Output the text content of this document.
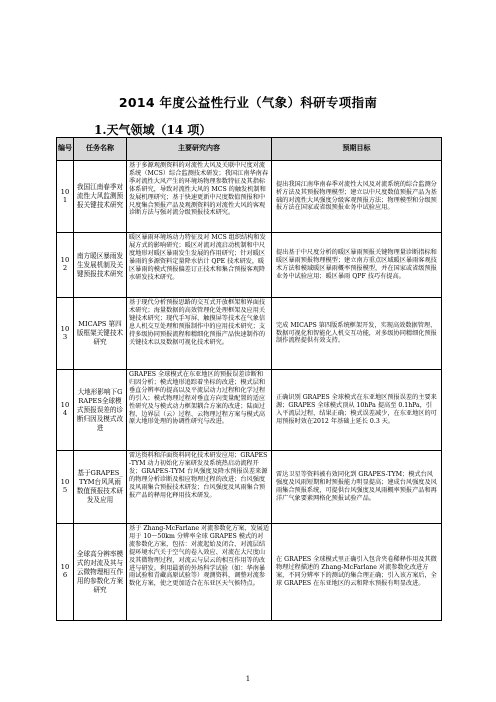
2014 年度公益性行业（气象）科研专项指南
1.天气领域（14 项）
编号	任务名称	主要研究内容	预期目标
101	我国江南春季对流性大风监测预报关键技术研究	基于多源观测资料的对流性大风及关联中尺度对流系统（MCS）综合监测技术研发；我国江南华南春季对流性大风产生的环境场物理参数特征及其指标体系研究，导致对流性大风的 MCS 的触发机制和发展机理研究；基于快速更新中尺度数值预报和中尺度集合预报产品及观测资料的对流性大风的客观诊断方法与强对流分级预报技术研究。	提出我国江南华南春季对流性大风及对流系统的综合监测分析方法及其预报物理模型；建立以中尺度数值预报产品为基础的对流性大风强度分级客观预报方法；物理模型和分级预报方法在国家或省级预报业务中试验应用。
102	南方暖区暴雨发生发展机制及关键预报技术研究	暖区暴雨环境场动力特征及对 MCS 组织结构和发展方式的影响研究；暖区对流对流启动机制和中尺度地形对暖区暴雨发生发展的作用研究；针对暖区暴雨的多源资料定量降水估计 QPE 技术研发，暖区暴雨的模式预报偏差订正技术和集合预报客观降水研发技术研究。	提出基于中尺度分析的暖区暴雨预报关键物理量诊断指标和暖区暴雨预报物理模型；建立南方重点区域暖区暴雨客观技术方法和模域暖区暴雨概率预报模型，并在国家或省级预报业务中试验应用；暖区暴雨 QPF 技巧有提高。
103	MICAPS 第四版框架关键技术研究	基于现代分析预报思路的交互式开放框架和界面技术研究；海量数据的高效管理化处理框架及应用关键技术研究；现代手写屏、触摸屏等技术在气象信息人机交互处理和预报制作中的应用技术研究；支持多级协同预报流程和精细化预报产品快速制作的关键技术以及数据可视化技术研究。	完成 MICAPS 第四版系统框架开发，实现高效数据管理、数据可视化和智能化人机交互功能，对多级协同精细化预报制作流程提供有效支持。
104	大地形影响下GRAPES全球模式预报误差的诊断归因及模式改进	GRAPES 全球模式在东亚地区的预报误差诊断和归因分析；模式地形追踪着坐标的改进；模式层和垂直分辨率的提高以及平流层动力过程和化学过程的引入；模式物理过程对垂直方向变量配置的适应性研究及与模式动力框架耦合方案的改进；陆面过程、边界层（云）过程、云物理过程方案与模式高原大地形处理的协调性研究与改进。	正确识别 GRAPES 全球模式在东亚地区预报误差的主要来源；GRAPES 全球模式顶从 10hPa 提高至 0.1hPa，引入平流层过程，结果正确；模式误差减少，在东亚地区的可用预报时效在2012 年基础上延长 0.3 天。
105	基于GRAPES_TYM台风风雨数值预报技术研发及应用	雷达资料和洋面资料同化技术研发应用；GRAPES-TYM 动力初始化方案研发及系统热启动流程开发；GRAPES-TYM 台风强度及降水预报误差来源的物理分析诊断及相应物理过程的改进；台风强度及风雨集合预报技术研发；台风强度及风雨集合预报产品的释用化释用技术研发。	雷达卫星等资料被有效同化到 GRAPES-TYM；模式台风强度及风雨短期和时预报能力明显提高；建成台风强度及风雨集合预报系统，可提供台风强度及风雨概率预报产品和再洋广气象要素网格化预报试验产品。
106	全球高分辨率模式的对流及其与云微物理相互作用的参数化方案研究	基于 Zhang-McFarlane 对流参数化方案，发展适用于 10～50km 分辨率全球 GRAPES 模式的对流参数化方案，包括：对流起始及闭合、对流层结提环境水汽关于空气的卷入效应、对流在大尺度山及其微物理过程，对流云与层云的相互作用等的改进与研发。利用最新的外场科学试验（如：华南暴雨试验和青藏高原试验等）观测资料，调整对流参数化方案，使之更加适合在东亚区天气候特点。	在 GRAPES 全球模式里正确引入包含夹卷稀释作用及其微物理过程描述的 Zhang-McFarlane 对流参数化改进方案，不同分辨率下的测试的集合理正确；引入该方案后，全球 GRAPES 在东亚地区的云和降水预报有明显改进。
1
